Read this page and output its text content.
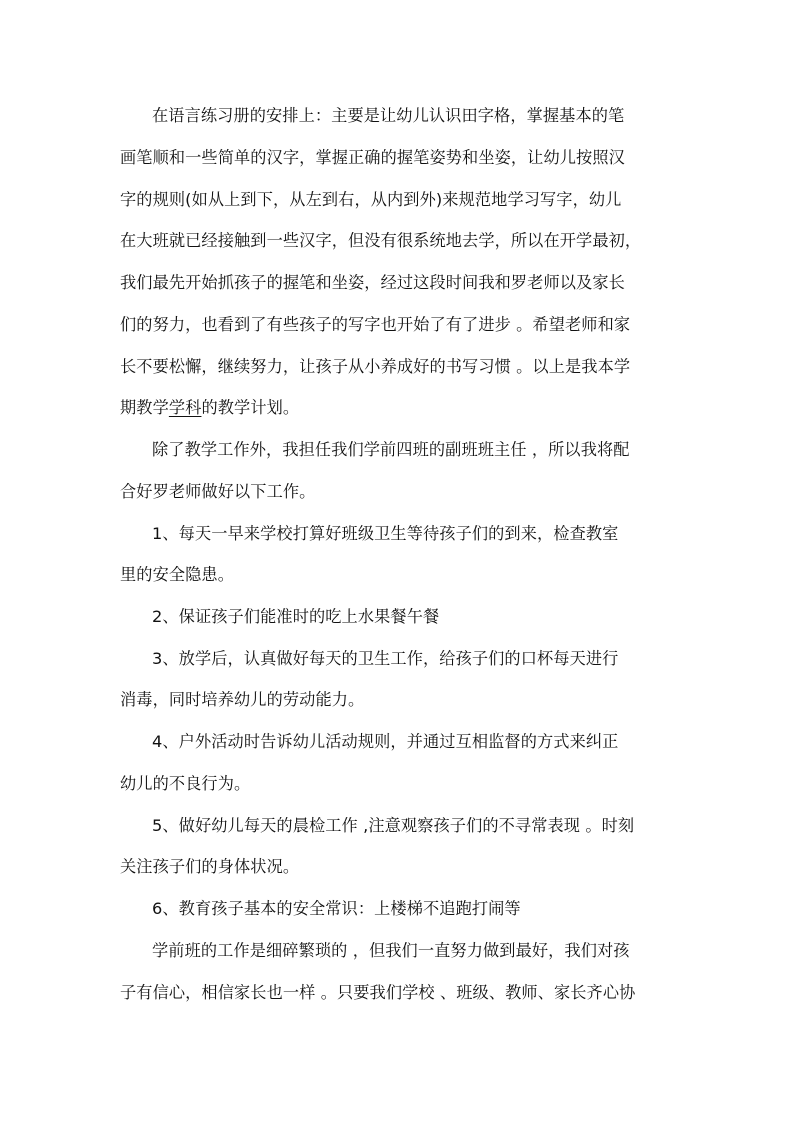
在语言练习册的安排上：主要是让幼儿认识田字格，掌握基本的笔
画笔顺和一些简单的汉字，掌握正确的握笔姿势和坐姿，让幼儿按照汉
字的规则(如从上到下，从左到右，从内到外)来规范地学习写字，幼儿
在大班就已经接触到一些汉字，但没有很系统地去学，所以在开学最初，
我们最先开始抓孩子的握笔和坐姿，经过这段时间我和罗老师以及家长
们的努力，也看到了有些孩子的写字也开始了有了进步 。希望老师和家
长不要松懈，继续努力，让孩子从小养成好的书写习惯 。以上是我本学
期教学学科的教学计划。
除了教学工作外，我担任我们学前四班的副班班主任 ，所以我将配
合好罗老师做好以下工作。
1、每天一早来学校打算好班级卫生等待孩子们的到来，检查教室
里的安全隐患。
2、保证孩子们能准时的吃上水果餐午餐
3、放学后，认真做好每天的卫生工作，给孩子们的口杯每天进行
消毒，同时培养幼儿的劳动能力。
4、户外活动时告诉幼儿活动规则，并通过互相监督的方式来纠正
幼儿的不良行为。
5、做好幼儿每天的晨检工作 ,注意观察孩子们的不寻常表现 。时刻
关注孩子们的身体状况。
6、教育孩子基本的安全常识：上楼梯不追跑打闹等
学前班的工作是细碎繁琐的 ，但我们一直努力做到最好，我们对孩
子有信心，相信家长也一样 。只要我们学校 、班级、教师、家长齐心协
